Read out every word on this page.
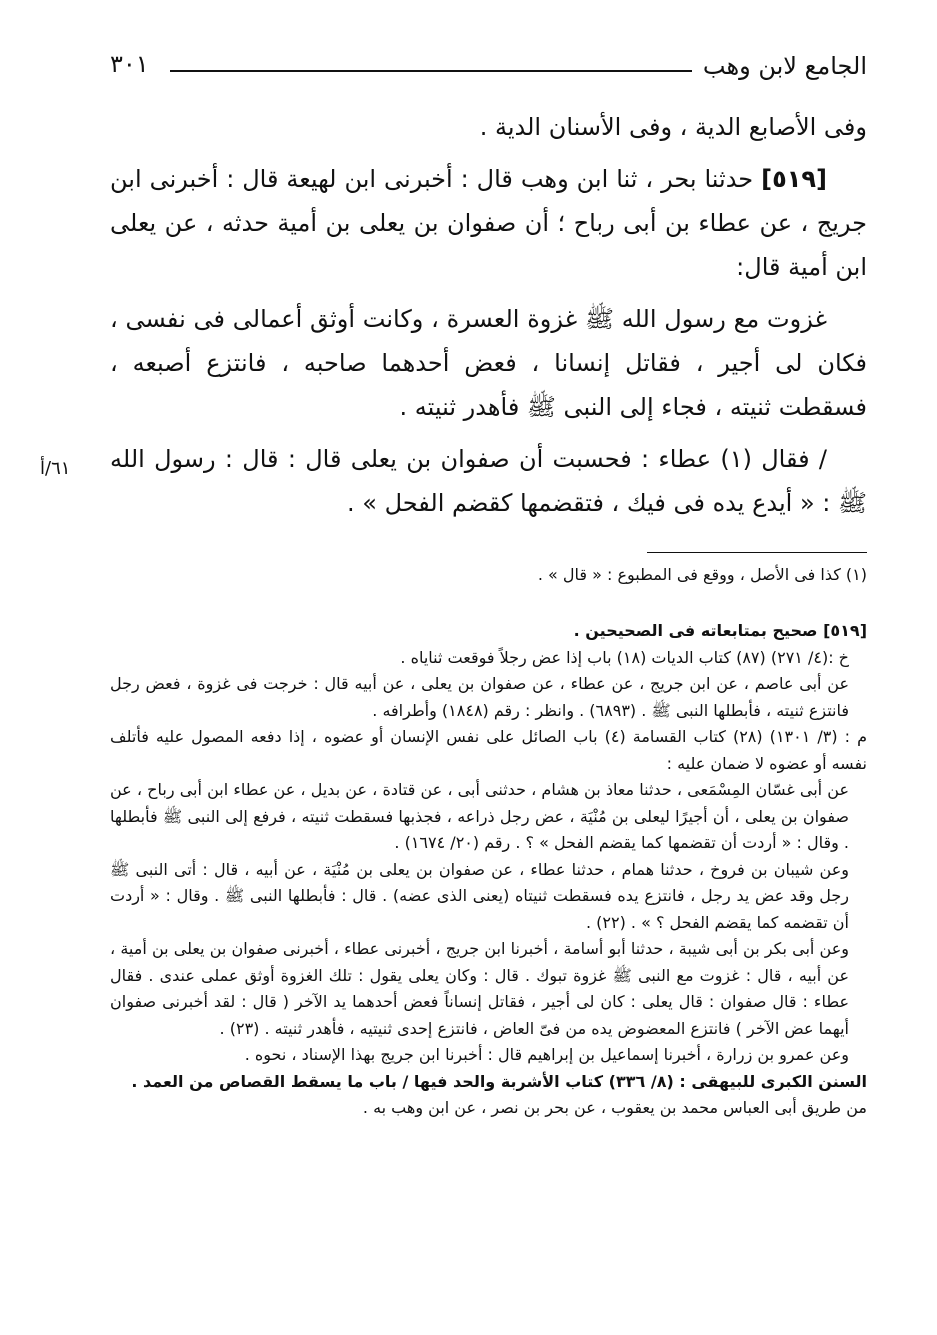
الجامع لابن وهب
٣٠١

وفى الأصابع الدية ، وفى الأسنان الدية .

[٥١٩] حدثنا بحر ، ثنا ابن وهب قال : أخبرنى ابن لهيعة قال : أخبرنى ابن جريج ، عن عطاء بن أبى رباح ؛ أن صفوان بن يعلى بن أمية حدثه ، عن يعلى ابن أمية قال:

غزوت مع رسول الله ﷺ غزوة العسرة ، وكانت أوثق أعمالى فى نفسى ، فكان لى أجير ، فقاتل إنسانا ، فعض أحدهما صاحبه ، فانتزع أصبعه ، فسقطت ثنيته ، فجاء إلى النبى ﷺ فأهدر ثنيته .

/ فقال (١) عطاء : فحسبت أن صفوان بن يعلى قال : قال : رسول الله ﷺ : « أيدع يده فى فيك ، فتقضمها كقضم الفحل » .

٦١/أ
(١) كذا فى الأصل ، ووقع فى المطبوع : « قال » .
[٥١٩] صحيح بمتابعاته فى الصحيحين .
خ :(٤/ ٢٧١) (٨٧) كتاب الديات (١٨) باب إذا عض رجلاً فوقعت ثناياه .
عن أبى عاصم ، عن ابن جريج ، عن عطاء ، عن صفوان بن يعلى ، عن أبيه قال : خرجت فى غزوة ، فعض رجل فانتزع ثنيته ، فأبطلها النبى ﷺ . (٦٨٩٣) . وانظر : رقم (١٨٤٨) وأطرافه .
م : (٣/ ١٣٠١) (٢٨) كتاب القسامة (٤) باب الصائل على نفس الإنسان أو عضوه ، إذا دفعه المصول عليه فأتلف نفسه أو عضوه لا ضمان عليه :
عن أبى غسّان المِسْمَعى ، حدثنا معاذ بن هشام ، حدثنى أبى ، عن قتادة ، عن بديل ، عن عطاء ابن أبى رباح ، عن صفوان بن يعلى ، أن أجيرًا ليعلى بن مُنْيَة ، عض رجل ذراعه ، فجذبها فسقطت ثنيته ، فرفع إلى النبى ﷺ فأبطلها . وقال : « أردت أن تقضمها كما يقضم الفحل » ؟ . رقم (٢٠/ ١٦٧٤) .
وعن شيبان بن فروخ ، حدثنا همام ، حدثنا عطاء ، عن صفوان بن يعلى بن مُنْيَة ، عن أبيه ، قال : أتى النبى ﷺ رجل وقد عض يد رجل ، فانتزع يده فسقطت ثنيتاه (يعنى الذى عضه) . قال : فأبطلها النبى ﷺ . وقال : « أردت أن تقضمه كما يقضم الفحل ؟ » . (٢٢) .
وعن أبى بكر بن أبى شيبة ، حدثنا أبو أسامة ، أخبرنا ابن جريج ، أخبرنى عطاء ، أخبرنى صفوان بن يعلى بن أمية ، عن أبيه ، قال : غزوت مع النبى ﷺ غزوة تبوك . قال : وكان يعلى يقول : تلك الغزوة أوثق عملى عندى . فقال عطاء : قال صفوان : قال يعلى : كان لى أجير ، فقاتل إنساناً فعض أحدهما يد الآخر ( قال : لقد أخبرنى صفوان أيهما عض الآخر ) فانتزع المعضوض يده من فىّ العاض ، فانتزع إحدى ثنيتيه ، فأهدر ثنيته . (٢٣) .
وعن عمرو بن زرارة ، أخبرنا إسماعيل بن إبراهيم قال : أخبرنا ابن جريج بهذا الإسناد ، نحوه .
السنن الكبرى للبيهقى : (٨/ ٣٣٦) كتاب الأشربة والحد فيها / باب ما يسقط القصاص من العمد .
من طريق أبى العباس محمد بن يعقوب ، عن بحر بن نصر ، عن ابن وهب به .
